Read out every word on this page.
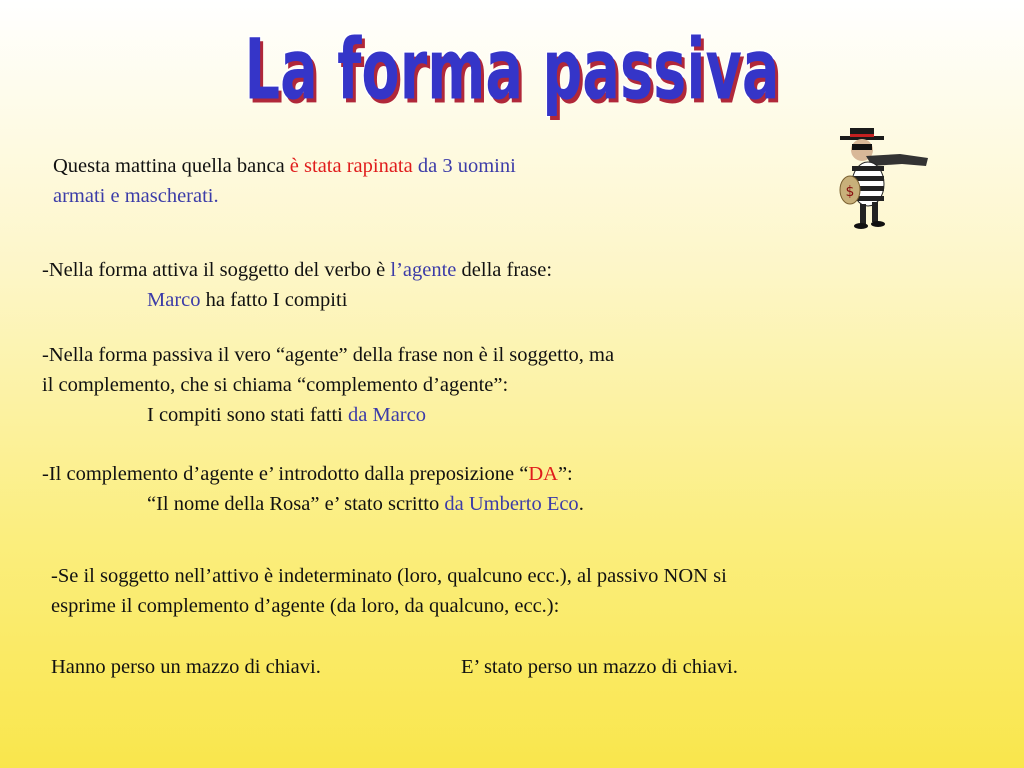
La forma passiva
Questa mattina quella banca è stata rapinata da 3 uomini
armati e mascherati.	$
-Nella forma attiva il soggetto del verbo è l’agente della frase:
Marco ha fatto I compiti
-Nella forma passiva il vero “agente” della frase non è il soggetto, ma
il complemento, che si chiama “complemento d’agente”:
I compiti sono stati fatti da Marco
-Il complemento d’agente e’ introdotto dalla preposizione “DA”:
“Il nome della Rosa” e’ stato scritto da Umberto Eco.
-Se il soggetto nell’attivo è indeterminato (loro, qualcuno ecc.), al passivo NON si
esprime il complemento d’agente (da loro, da qualcuno, ecc.):
Hanno perso un mazzo di chiavi.	E’ stato perso un mazzo di chiavi.
